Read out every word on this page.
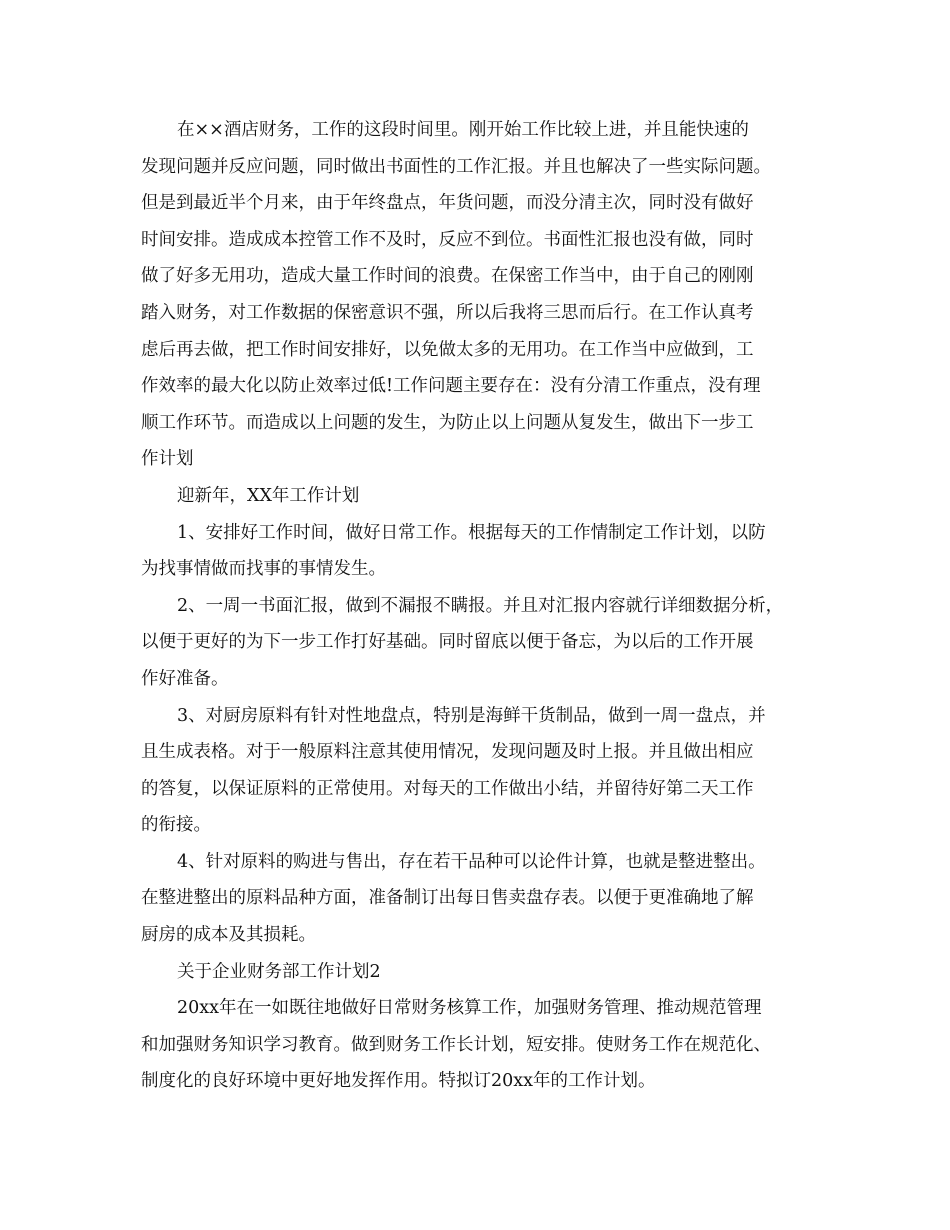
在××酒店财务，工作的这段时间里。刚开始工作比较上进，并且能快速的
发现问题并反应问题，同时做出书面性的工作汇报。并且也解决了一些实际问题。
但是到最近半个月来，由于年终盘点，年货问题，而没分清主次，同时没有做好
时间安排。造成成本控管工作不及时，反应不到位。书面性汇报也没有做，同时
做了好多无用功，造成大量工作时间的浪费。在保密工作当中，由于自己的刚刚
踏入财务，对工作数据的保密意识不强，所以后我将三思而后行。在工作认真考
虑后再去做，把工作时间安排好，以免做太多的无用功。在工作当中应做到，工
作效率的最大化以防止效率过低!工作问题主要存在：没有分清工作重点，没有理
顺工作环节。而造成以上问题的发生，为防止以上问题从复发生，做出下一步工
作计划
迎新年，XX年工作计划
1、安排好工作时间，做好日常工作。根据每天的工作情制定工作计划，以防
为找事情做而找事的事情发生。
2、一周一书面汇报，做到不漏报不瞒报。并且对汇报内容就行详细数据分析，
以便于更好的为下一步工作打好基础。同时留底以便于备忘，为以后的工作开展
作好准备。
3、对厨房原料有针对性地盘点，特别是海鲜干货制品，做到一周一盘点，并
且生成表格。对于一般原料注意其使用情况，发现问题及时上报。并且做出相应
的答复，以保证原料的正常使用。对每天的工作做出小结，并留待好第二天工作
的衔接。
4、针对原料的购进与售出，存在若干品种可以论件计算，也就是整进整出。
在整进整出的原料品种方面，准备制订出每日售卖盘存表。以便于更准确地了解
厨房的成本及其损耗。
关于企业财务部工作计划2
20xx年在一如既往地做好日常财务核算工作，加强财务管理、推动规范管理
和加强财务知识学习教育。做到财务工作长计划，短安排。使财务工作在规范化、
制度化的良好环境中更好地发挥作用。特拟订20xx年的工作计划。
